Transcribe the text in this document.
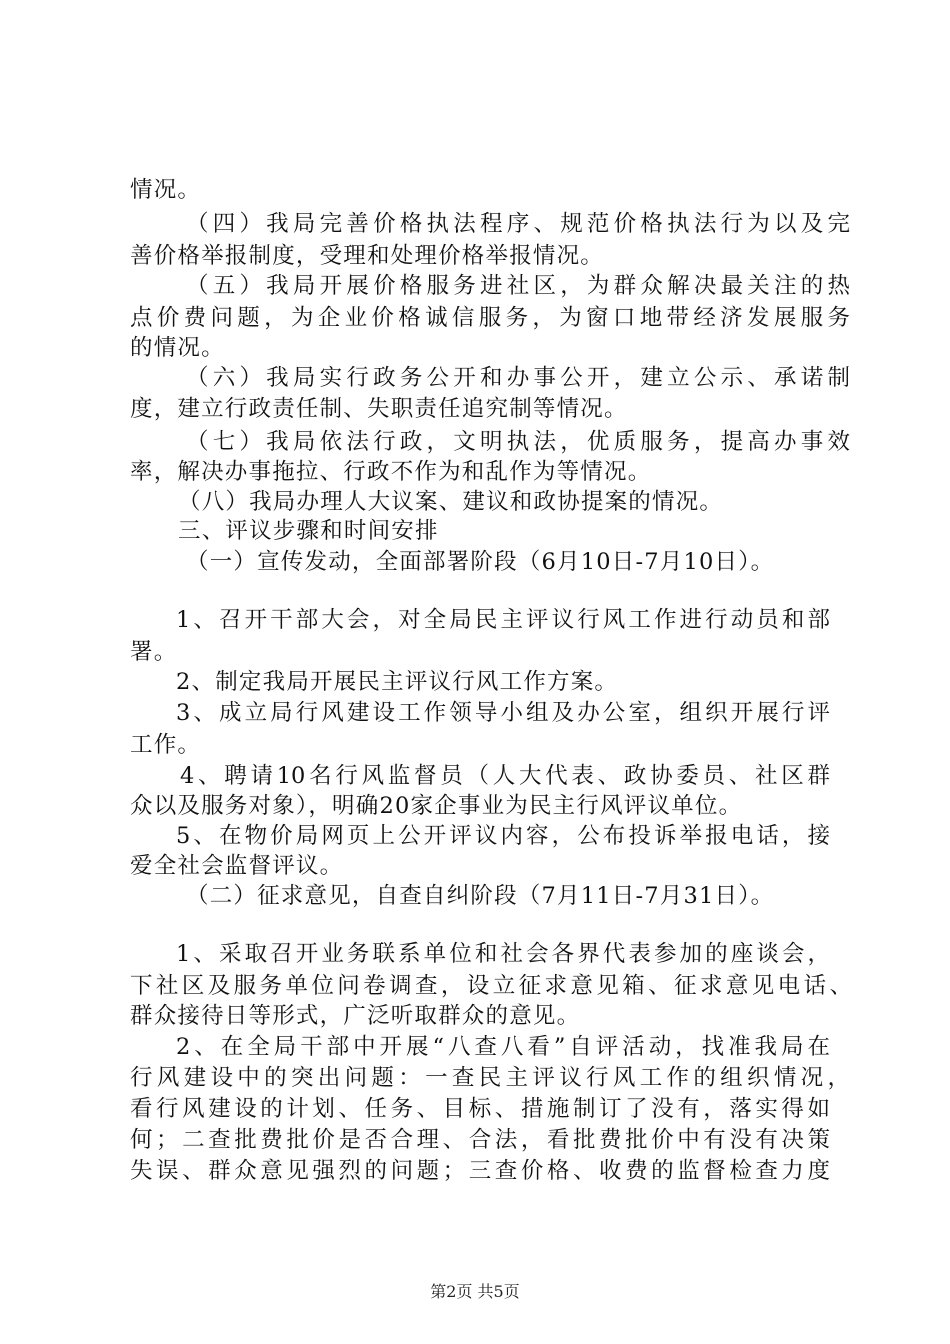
情况。
（四）我局完善价格执法程序、规范价格执法行为以及完
善价格举报制度，受理和处理价格举报情况。
（五）我局开展价格服务进社区，为群众解决最关注的热
点价费问题，为企业价格诚信服务，为窗口地带经济发展服务
的情况。
（六）我局实行政务公开和办事公开，建立公示、承诺制
度，建立行政责任制、失职责任追究制等情况。
（七）我局依法行政，文明执法，优质服务，提高办事效
率，解决办事拖拉、行政不作为和乱作为等情况。
（八）我局办理人大议案、建议和政协提案的情况。
三、评议步骤和时间安排
（一）宣传发动，全面部署阶段（6月10日-7月10日）。
1、召开干部大会，对全局民主评议行风工作进行动员和部
署。
2、制定我局开展民主评议行风工作方案。
3、成立局行风建设工作领导小组及办公室，组织开展行评
工作。
4、聘请10名行风监督员（人大代表、政协委员、社区群
众以及服务对象），明确20家企事业为民主行风评议单位。
5、在物价局网页上公开评议内容，公布投诉举报电话，接
爱全社会监督评议。
（二）征求意见，自查自纠阶段（7月11日-7月31日）。
1、采取召开业务联系单位和社会各界代表参加的座谈会，
下社区及服务单位问卷调查，设立征求意见箱、征求意见电话、
群众接待日等形式，广泛听取群众的意见。
2、在全局干部中开展“八查八看”自评活动，找准我局在
行风建设中的突出问题：一查民主评议行风工作的组织情况，
看行风建设的计划、任务、目标、措施制订了没有，落实得如
何；二查批费批价是否合理、合法，看批费批价中有没有决策
失误、群众意见强烈的问题；三查价格、收费的监督检查力度
第2页 共5页
